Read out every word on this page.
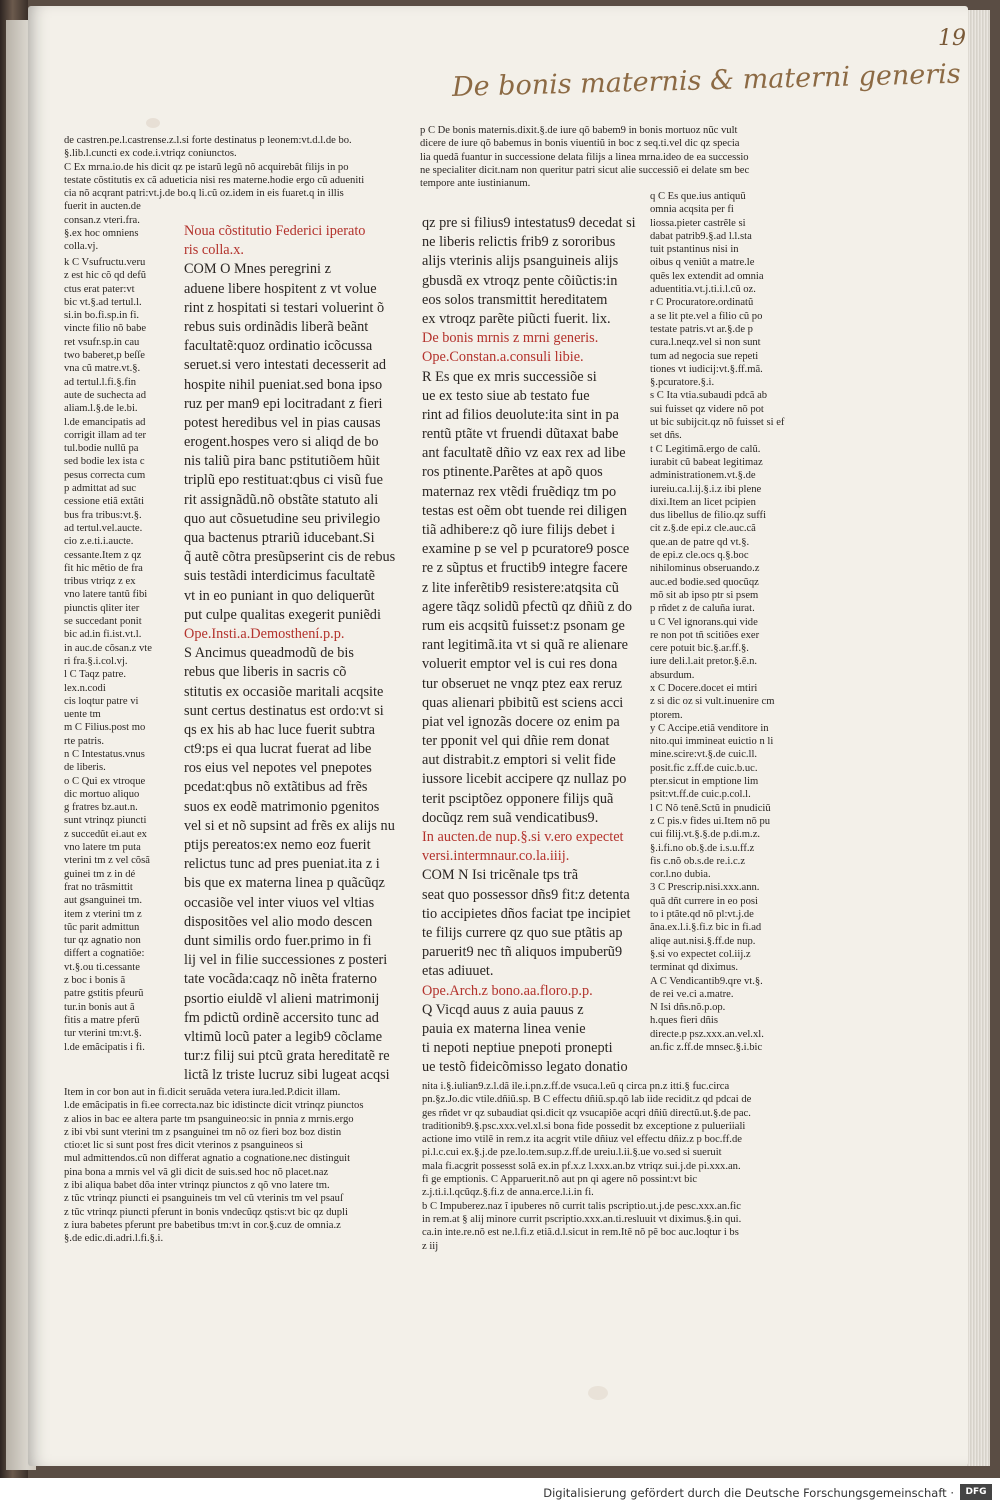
19
De bonis maternis & materni generis
de castren.pe.l.castrense.z.l.si forte destinatus p leonem:vt.d.l.de bo.
§.lib.l.cuncti ex code.i.vtriqz coniunctos.
C Ex mrna.io.de his dicit qz pe istarũ legũ nõ acquirebãt filijs in po
testate cõstitutis ex cã adueticia nisi res materne.hodie ergo cũ adueniti
cia nõ acqrant patri:vt.j.de bo.q li.cũ oz.idem in eis fuaret.q in illis
fuerit in aucten.de
consan.z vteri.fra.
§.ex hoc omniens
colla.vj.
k C Vsufructu.veru
z est hic cõ qd defũ
ctus erat pater:vt
bic vt.§.ad tertul.l.
si.in bo.fi.sp.in fi.
vincte filio nõ babe
ret vsufr.sp.in cau
two baberet,p beſſe
vna cũ matre.vt.§.
ad tertul.l.fi.§.fin
aute de suchecta ad
aliam.l.§.de le.bi.
l.de emancipatis ad
corrigit illam ad ter
tul.bodie nullũ pa
sed bodie lex ista c
pesus correcta cum
p admittat ad suc
cessione etiã extãti
bus fra tribus:vt.§.
ad tertul.vel.aucte.
cio z.e.ti.i.aucte.
cessante.Item z qz
fit hic mẽtio de fra
tribus vtriqz z ex
vno latere tantũ fibi
piunctis qliter iter
se succedant ponit
bic ad.in fi.ist.vt.l.
in auc.de cõsan.z vte
ri fra.§.i.col.vj.
l C Taqz patre.
lex.n.codi
cis loqtur patre vi
uente tm
m C Filius.post mo
rte patris.
n C Intestatus.vnus
de liberis.
o C Qui ex vtroque
dic mortuo aliquo
g fratres bz.aut.n.
sunt vtrinqz piuncti
z succedũt ei.aut ex
vno latere tm puta
vterini tm z vel cõsã
guinei tm z in dé
frat no trãsmittit
aut gsanguinei tm.
item z vterini tm z
tũc parit admittun
tur qz agnatio non
differt a cognatiõe:
vt.§.ou ti.cessante
z boc i bonis ã
patre gstitis pfeurũ
tur.in bonis aut ã
fitis a matre pferũ
tur vterini tm:vt.§.
l.de emãcipatis i fi.
Noua cõstitutio Federici iperato
ris colla.x.
COM O Mnes peregrini z
aduene libere hospitent z vt volue
rint z hospitati si testari voluerint õ
rebus suis ordinãdis liberã beãnt
facultatẽ:quoz ordinatio icõcussa
seruet.si vero intestati decesserit ad
hospite nihil pueniat.sed bona ipso
ruz per man9 epi locitradant z fieri
potest heredibus vel in pias causas
erogent.hospes vero si aliqd de bo
nis taliũ pira banc pstitutiõem hũit
triplũ epo restituat:qbus ci visũ fue
rit assignãdũ.nõ obstãte statuto ali
quo aut cõsuetudine seu privilegio
qua bactenus ptrariũ iducebant.Si
q̃ autẽ cõtra presũpserint cis de rebus
suis testãdi interdicimus facultatẽ
vt in eo puniant in quo deliquerũt
put culpe qualitas exegerit puniẽdi
Ope.Insti.a.Demosthení.p.p.
S Ancimus queadmodũ de bis
rebus que liberis in sacris cõ
stitutis ex occasiõe maritali acqsite
sunt certus destinatus est ordo:vt si
qs ex his ab hac luce fuerit subtra
ct9:ps ei qua lucrat fuerat ad libe
ros eius vel nepotes vel pnepotes
pcedat:qbus nõ extãtibus ad frẽs
suos ex eodẽ matrimonio pgenitos
vel si et nõ supsint ad frẽs ex alijs nu
ptijs pereatos:ex nemo eoz fuerit
relictus tunc ad pres pueniat.ita z i
bis que ex materna linea p quãcũqz
occasiõe vel inter viuos vel vltias
dispositões vel alio modo descen
dunt similis ordo fuer.primo in fi
lij vel in filie successiones z posteri
tate vocãda:caqz nõ inẽta fraterno
psortio eiuldẽ vl alieni matrimonij
fm pdictũ ordinẽ accersito tunc ad
vltimũ locũ pater a legib9 cõclame
tur:z filij sui ptcũ grata hereditatẽ re
lictã lz triste lucruz sibi lugeat acqsi
Item in cor bon aut in fi.dicit seruãda vetera iura.led.P.dicit illam.
l.de emãcipatis in fi.ee correcta.naz bic idistincte dicit vtrinqz piunctos
z alios in bac ee altera parte tm psanguineo:sic in pnnia z mrnis.ergo
z ibi vbi sunt vterini tm z psanguinei tm nõ oz fieri boz boz distin
ctio:et lic si sunt post fres dicit vterinos z psanguineos si
mul admittendos.cũ non differat agnatio a cognatione.nec distinguit
pina bona a mrnis vel vã gli dicit de suis.sed hoc nõ placet.naz
z ibi aliqua babet dõa inter vtrinqz piunctos z qõ vno latere tm.
z tũc vtrinqz piuncti ei psanguineis tm vel cũ vterinis tm vel psauſ
z tũc vtrinqz piuncti pferunt in bonis vndecũqz qstis:vt bic qz dupli
z iura babetes pferunt pre babetibus tm:vt in cor.§.cuz de omnia.z
§.de edic.di.adri.l.fi.§.i.
p C De bonis maternis.dixit.§.de iure qõ babem9 in bonis mortuoz nũc vult
dicere de iure qõ babemus in bonis viuentiũ in boc z seq.ti.vel dic qz specia
lia quedã fuantur in successione delata filijs a linea mrna.ideo de ea successio
ne specialiter dicit.nam non queritur patri sicut alie successiõ ei delate sm bec
tempore ante iustinianum.
qz pre si filius9 intestatus9 decedat si
ne liberis relictis frib9 z sororibus
alijs vterinis alijs psanguineis alijs
gbusdã ex vtroqz pente cõiũctis:in
eos solos transmittit hereditatem
ex vtroqz parẽte piũcti fuerit. lix.
De bonis mrnis z mrni generis.
Ope.Constan.a.consuli libie.
R Es que ex mris successiõe si
ue ex testo siue ab testato fue
rint ad filios deuolute:ita sint in pa
rentũ ptãte vt fruendi dũtaxat babe
ant facultatẽ dñio vz eax rex ad libe
ros ptinente.Parẽtes at apõ quos
maternaz rex vtẽdi fruẽdiqz tm po
testas est oẽm obt tuende rei diligen
tiã adhibere:z qõ iure filijs debet i
examine p se vel p pcuratore9 posce
re z sũptus et fructib9 integre facere
z lite inferẽtib9 resistere:atqsita cũ
agere tãqz solidũ pfectũ qz dñiũ z do
rum eis acqsitũ fuisset:z psonam ge
rant legitimã.ita vt si quã re alienare
voluerit emptor vel is cui res dona
tur obseruet ne vnqz ptez eax reruz
quas alienari pbibitũ est sciens acci
piat vel ignozãs docere oz enim pa
ter pponit vel qui dñie rem donat
aut distrabit.z emptori si velit fide
iussore licebit accipere qz nullaz po
terit psciptõez opponere filijs quã
docũqz rem suã vendicatibus9.
In aucten.de nup.§.si v.ero expectet
versi.intermnaur.co.la.iiij.
COM N Isi tricẽnale tps trã
seat quo possessor dñs9 fit:z detenta
tio accipietes dños faciat tpe incipiet
te filijs currere qz quo sue ptãtis ap
paruerit9 nec tñ aliquos impuberũ9
etas adiuuet.
Ope.Arch.z bono.aa.floro.p.p.
Q Vicqd auus z auia pauus z
pauia ex materna linea venie
ti nepoti neptiue pnepoti pronepti
ue testõ fideicõmisso legato donatio
q C Es que.ius antiquũ
omnia acqsita per fi
liossa.pieter castrẽle si
dabat patrib9.§.ad l.l.sta
tuit pstantinus nisi in
oibus q veniũt a matre.le
quẽs lex extendit ad omnia
aduentitia.vt.j.ti.i.l.cũ oz.
r C Procuratore.ordinatũ
a se lit pte.vel a filio cũ po
testate patris.vt ar.§.de p
cura.l.neqz.vel si non sunt
tum ad negocia sue repeti
tiones vt iudicij:vt.§.ff.mã.
§.pcuratore.§.i.
s C Ita vtia.subaudi pdcã ab
sui fuisset qz videre nõ pot
ut bic subijcit.qz nõ fuisset si ef
set dñs.
t C Legitimã.ergo de calũ.
iurabit cũ babeat legitimaz
administrationem.vt.§.de
iureiu.ca.l.ij.§.i.z ibi plene
dixi.Item an licet pcipien
dus libellus de filio.qz suffi
cit z.§.de epi.z cle.auc.cã
que.an de patre qd vt.§.
de epi.z cle.ocs q.§.boc
nihilominus obseruando.z
auc.ed bodie.sed quocũqz
mõ sit ab ipso ptr si psem
p rñdet z de caluña iurat.
u C Vel ignorans.qui vide
re non pot tñ scitiões exer
cere potuit bic.§.ar.ff.§.
iure deli.l.ait pretor.§.ẽ.n.
absurdum.
x C Docere.docet ei mtiri
z si dic oz si vult.inuenire cm
ptorem.
y C Accipe.etiã venditore in
nito.qui immineat euictio n li
mine.scire:vt.§.de cuic.ll.
posit.fic z.ff.de cuic.b.uc.
pter.sicut in emptione lim
psit:vt.ff.de cuic.p.col.l.
l C Nõ tenẽ.Sctũ in pnudiciũ
z C pis.v fides ui.Item nõ pu
cui filij.vt.§.§.de p.di.m.z.
§.i.fi.no ob.§.de i.s.u.ff.z
fis c.nõ ob.s.de re.i.c.z
cor.l.no dubia.
3 C Prescrip.nisi.xxx.ann.
quã dñt currere in eo posi
to i ptãte.qd nõ pl:vt.j.de
ãna.ex.l.i.§.fi.z bic in fi.ad
aliqe aut.nisi.§.ff.de nup.
§.si vo expectet col.iij.z
terminat qd diximus.
A C Vendicantib9.qre vt.§.
de rei ve.ci a.matre.
N Isi dñs.nõ.p.op.
h.ques fieri dñis
directe.p psz.xxx.an.vel.xl.
an.fic z.ff.de mnsec.§.i.bic
nita i.§.iulian9.z.l.dã ile.i.pn.z.ff.de vsuca.l.eũ q circa pn.z itti.§ fuc.circa
pn.§z.Jo.dic vtile.dñiũ.sp. B C effectu dñiũ.sp.qõ lab iide recidit.z qd pdcai de
ges rñdet vr qz subaudiat qsi.dicit qz vsucapiõe acqri dñiũ directũ.ut.§.de pac.
traditionib9.§.psc.xxx.vel.xl.si bona fide possedit bz exceptione z pulueriiali
actione imo vtilẽ in rem.z ita acgrit vtile dñiuz vel effectu dñiz.z p boc.ff.de
pi.l.c.cui ex.§.j.de pze.lo.tem.sup.z.ff.de ureiu.l.ii.§.ue vo.sed si sueruit
mala fi.acgrit possesst solã ex.in pf.x.z l.xxx.an.bz vtriqz sui.j.de pi.xxx.an.
fi ge emptionis. C Apparuerit.nõ aut pn qi agere nõ possint:vt bic
z.j.ti.i.l.qcũqz.§.fi.z de anna.erce.l.i.in fi.
b C Impuberez.naz ĩ ipuberes nõ currit talis pscriptio.ut.j.de pesc.xxx.an.fic
in rem.at § alij minore currit pscriptio.xxx.an.ti.resluuit vt diximus.§.in qui.
ca.in inte.re.nõ est ne.l.fi.z etiã.d.l.sicut in rem.Itẽ nõ pẽ boc auc.loqtur i bs
z iij
Digitalisierung gefördert durch die Deutsche Forschungsgemeinschaft ·	DFG
